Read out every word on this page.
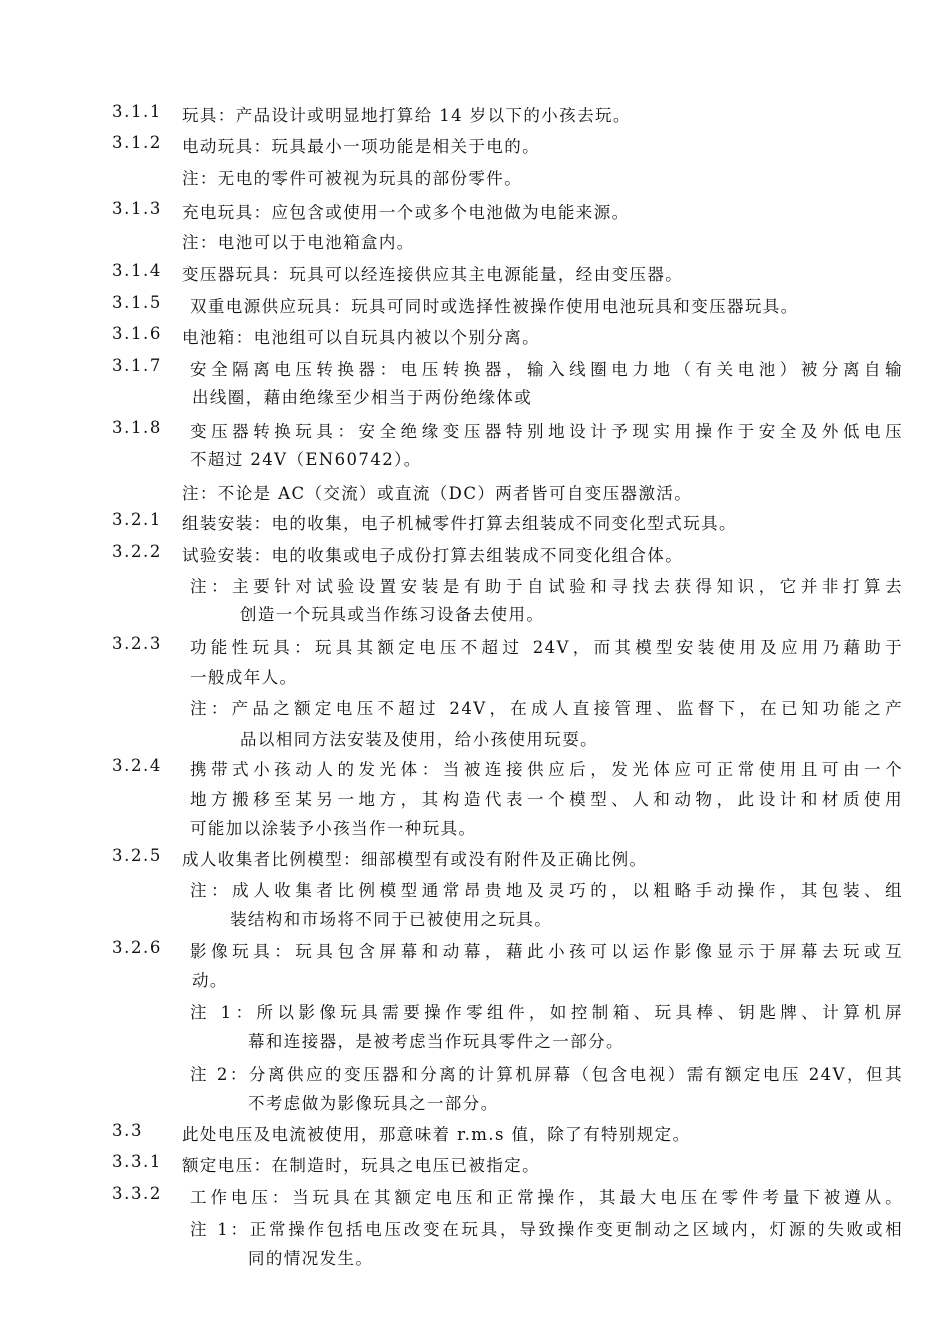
3.1.1 玩具：产品设计或明显地打算给 14 岁以下的小孩去玩。
3.1.2 电动玩具：玩具最小一项功能是相关于电的。
注：无电的零件可被视为玩具的部份零件。
3.1.3 充电玩具：应包含或使用一个或多个电池做为电能来源。
注：电池可以于电池箱盒内。
3.1.4 变压器玩具：玩具可以经连接供应其主电源能量，经由变压器。
3.1.5 双重电源供应玩具：玩具可同时或选择性被操作使用电池玩具和变压器玩具。
3.1.6 电池箱：电池组可以自玩具内被以个别分离。
3.1.7 安全隔离电压转换器：电压转换器，输入线圈电力地（有关电池）被分离自输
出线圈，藉由绝缘至少相当于两份绝缘体或
3.1.8 变压器转换玩具：安全绝缘变压器特别地设计予现实用操作于安全及外低电压
不超过 24V（EN60742）。
注：不论是 AC（交流）或直流（DC）两者皆可自变压器激活。
3.2.1 组装安装：电的收集，电子机械零件打算去组装成不同变化型式玩具。
3.2.2 试验安装：电的收集或电子成份打算去组装成不同变化组合体。
注：主要针对试验设置安装是有助于自试验和寻找去获得知识，它并非打算去
创造一个玩具或当作练习设备去使用。
3.2.3 功能性玩具：玩具其额定电压不超过 24V，而其模型安装使用及应用乃藉助于
一般成年人。
注：产品之额定电压不超过 24V，在成人直接管理、监督下，在已知功能之产
品以相同方法安装及使用，给小孩使用玩耍。
3.2.4 携带式小孩动人的发光体：当被连接供应后，发光体应可正常使用且可由一个
地方搬移至某另一地方，其构造代表一个模型、人和动物，此设计和材质使用
可能加以涂装予小孩当作一种玩具。
3.2.5 成人收集者比例模型：细部模型有或没有附件及正确比例。
注：成人收集者比例模型通常昂贵地及灵巧的，以粗略手动操作，其包装、组
装结构和市场将不同于已被使用之玩具。
3.2.6 影像玩具：玩具包含屏幕和动幕，藉此小孩可以运作影像显示于屏幕去玩或互
动。
注 1：所以影像玩具需要操作零组件，如控制箱、玩具棒、钥匙牌、计算机屏
幕和连接器，是被考虑当作玩具零件之一部分。
注 2：分离供应的变压器和分离的计算机屏幕（包含电视）需有额定电压 24V，但其
不考虑做为影像玩具之一部分。
3.3 此处电压及电流被使用，那意味着 r.m.s 值，除了有特别规定。
3.3.1 额定电压：在制造时，玩具之电压已被指定。
3.3.2 工作电压：当玩具在其额定电压和正常操作，其最大电压在零件考量下被遵从。
注 1：正常操作包括电压改变在玩具，导致操作变更制动之区域内，灯源的失败或相
同的情况发生。
